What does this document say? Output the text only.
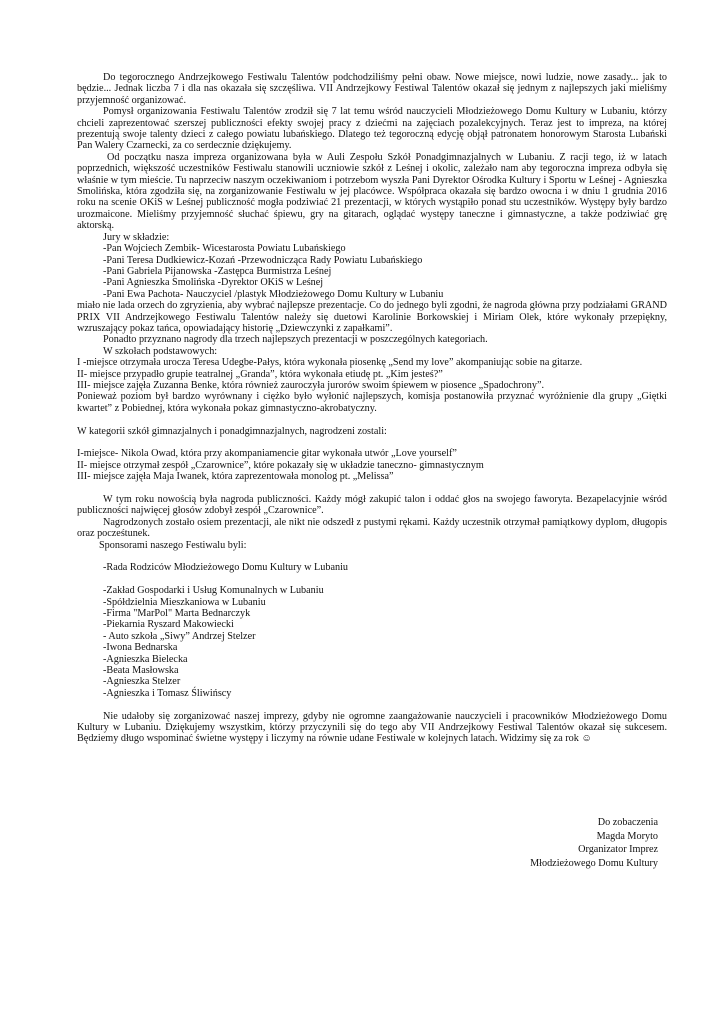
Do tegorocznego Andrzejkowego Festiwalu Talentów podchodziliśmy pełni obaw. Nowe miejsce, nowi ludzie, nowe zasady... jak to będzie... Jednak liczba 7 i dla nas okazała się szczęśliwa. VII Andrzejkowy Festiwal Talentów okazał się jednym z najlepszych jaki mieliśmy przyjemność organizować.

Pomysł organizowania Festiwalu Talentów zrodził się 7 lat temu wśród nauczycieli Młodzieżowego Domu Kultury w Lubaniu, którzy chcieli zaprezentować szerszej publiczności efekty swojej pracy z dziećmi na zajęciach pozalekcyjnych. Teraz jest to impreza, na której prezentują swoje talenty dzieci z całego powiatu lubańskiego. Dlatego też tegoroczną edycję objął patronatem honorowym Starosta Lubański Pan Walery Czarnecki, za co serdecznie dziękujemy.

Od początku nasza impreza organizowana była w Auli Zespołu Szkół Ponadgimnazjalnych w Lubaniu. Z racji tego, iż w latach poprzednich, większość uczestników Festiwalu stanowili uczniowie szkół z Leśnej i okolic, zależało nam aby tegoroczna impreza odbyła się właśnie w tym mieście. Tu naprzeciw naszym oczekiwaniom i potrzebom wyszła Pani Dyrektor Ośrodka Kultury i Sportu w Leśnej - Agnieszka Smolińska, która zgodziła się, na zorganizowanie Festiwalu w jej placówce. Współpraca okazała się bardzo owocna i w dniu 1 grudnia 2016 roku na scenie OKiS w Leśnej publiczność mogła podziwiać 21 prezentacji, w których wystąpiło ponad stu uczestników. Występy były bardzo urozmaicone. Mieliśmy przyjemność słuchać śpiewu, gry na gitarach, oglądać występy taneczne i gimnastyczne, a także podziwiać grę aktorską.

Jury w składzie:

-Pan Wojciech Zembik- Wicestarosta Powiatu Lubańskiego

-Pani Teresa Dudkiewicz-Kozań -Przewodnicząca Rady Powiatu Lubańskiego

-Pani Gabriela Pijanowska -Zastępca Burmistrza Leśnej

-Pani Agnieszka Smolińska -Dyrektor OKiS w Leśnej

-Pani Ewa Pachota- Nauczyciel /plastyk Młodzieżowego Domu Kultury w Lubaniu

miało nie lada orzech do zgryzienia, aby wybrać najlepsze prezentacje. Co do jednego byli zgodni, że nagroda główna przy podziałami GRAND PRIX VII Andrzejkowego Festiwalu Talentów należy się duetowi Karolinie Borkowskiej i Miriam Olek, które wykonały przepiękny, wzruszający pokaz tańca, opowiadający historię „Dziewczynki z zapałkami”.

Ponadto przyznano nagrody dla trzech najlepszych prezentacji w poszczególnych kategoriach.

W szkołach podstawowych:

I -miejsce otrzymała urocza Teresa Udegbe-Pałys, która wykonała piosenkę „Send my love” akompaniując sobie na gitarze.

II- miejsce przypadło grupie teatralnej „Granda”, która wykonała etiudę pt. „Kim jesteś?”

III- miejsce zajęła Zuzanna Benke, która również zauroczyła jurorów swoim śpiewem w piosence „Spadochrony”.

Ponieważ poziom był bardzo wyrównany i ciężko było wyłonić najlepszych, komisja postanowiła przyznać wyróżnienie dla grupy „Giętki kwartet” z Pobiednej, która wykonała pokaz gimnastyczno-akrobatyczny.

W kategorii szkół gimnazjalnych i ponadgimnazjalnych, nagrodzeni zostali:

I-miejsce- Nikola Owad, która przy akompaniamencie gitar wykonała utwór „Love yourself”

II- miejsce otrzymał zespół „Czarownice”, które pokazały się w układzie taneczno- gimnastycznym

III- miejsce zajęła Maja Iwanek, która zaprezentowała monolog pt. „Melissa”

W tym roku nowością była nagroda publiczności. Każdy mógł zakupić talon i oddać głos na swojego faworyta. Bezapelacyjnie wśród publiczności najwięcej głosów zdobył zespół „Czarownice”.

Nagrodzonych zostało osiem prezentacji, ale nikt nie odszedł z pustymi rękami. Każdy uczestnik otrzymał pamiątkowy dyplom, długopis oraz pocześtunek.

Sponsorami naszego Festiwalu byli:

-Rada Rodziców Młodzieżowego Domu Kultury w Lubaniu

-Zakład Gospodarki i Usług Komunalnych w Lubaniu

-Spółdzielnia Mieszkaniowa w Lubaniu

-Firma "MarPol" Marta Bednarczyk

-Piekarnia Ryszard Makowiecki

- Auto szkoła „Siwy” Andrzej Stelzer

-Iwona Bednarska

-Agnieszka Bielecka

-Beata Masłowska

-Agnieszka Stelzer

-Agnieszka i Tomasz Śliwińscy

Nie udałoby się zorganizować naszej imprezy, gdyby nie ogromne zaangażowanie nauczycieli i pracowników Młodzieżowego Domu Kultury w Lubaniu. Dziękujemy wszystkim, którzy przyczynili się do tego aby VII Andrzejkowy Festiwal Talentów okazał się sukcesem. Będziemy długo wspominać świetne występy i liczymy na równie udane Festiwale w kolejnych latach. Widzimy się za rok ☺

Do zobaczenia
Magda Moryto
Organizator Imprez
Młodzieżowego Domu Kultury
